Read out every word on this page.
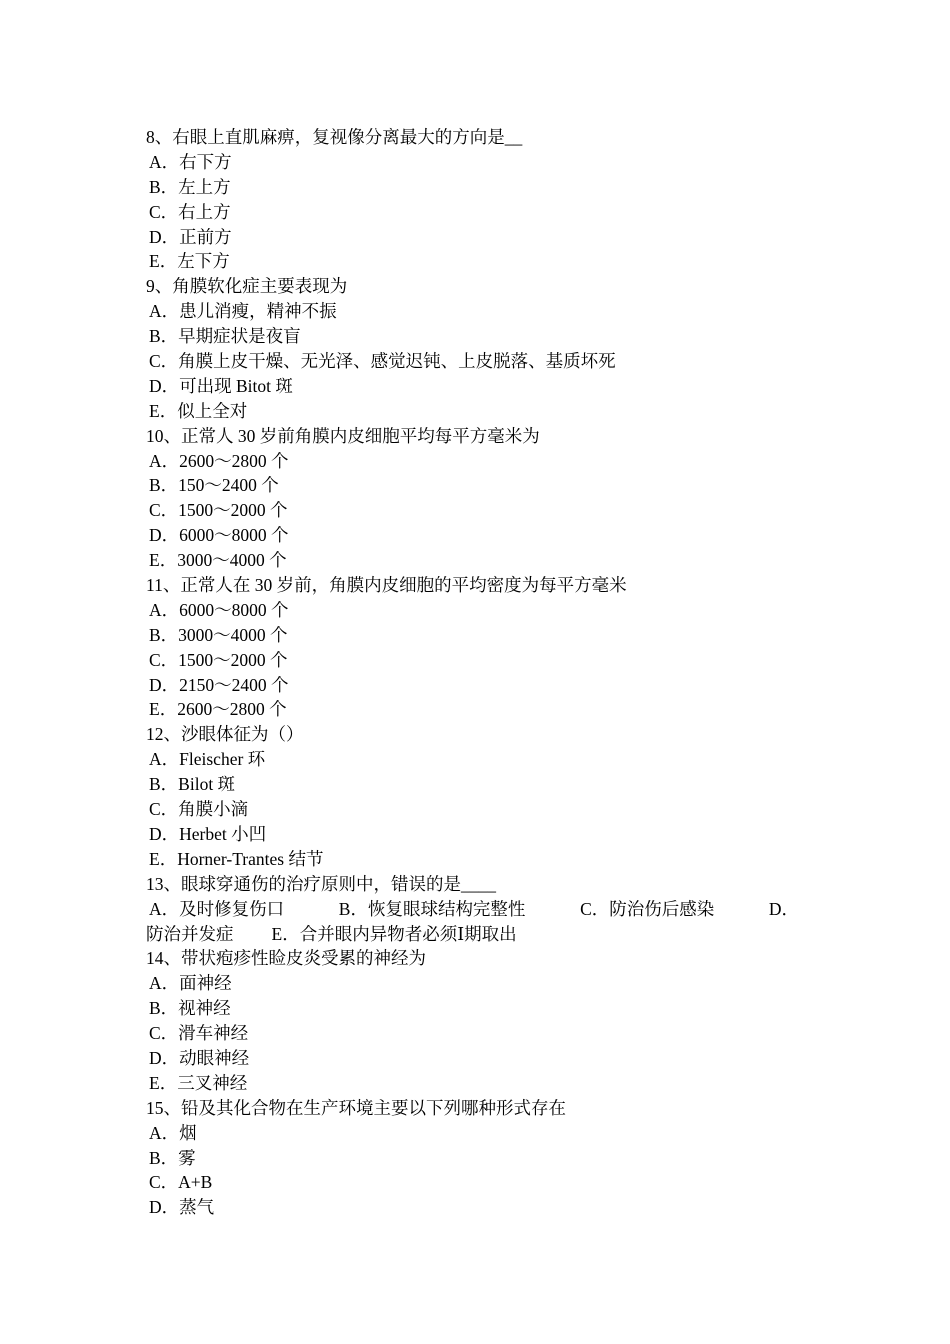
8、右眼上直肌麻痹，复视像分离最大的方向是__
A．右下方
B．左上方
C．右上方
D．正前方
E．左下方
9、角膜软化症主要表现为
A．患儿消瘦，精神不振
B．早期症状是夜盲
C．角膜上皮干燥、无光泽、感觉迟钝、上皮脱落、基质坏死
D．可出现 Bitot 斑
E．似上全对
10、正常人 30 岁前角膜内皮细胞平均每平方毫米为
A．2600～2800 个
B．150～2400 个
C．1500～2000 个
D．6000～8000 个
E．3000～4000 个
11、正常人在 30 岁前，角膜内皮细胞的平均密度为每平方毫米
A．6000～8000 个
B．3000～4000 个
C．1500～2000 个
D．2150～2400 个
E．2600～2800 个
12、沙眼体征为（）
A．Fleischer 环
B．Bilot 斑
C．角膜小滴
D．Herbet 小凹
E．Horner-Trantes 结节
13、眼球穿通伤的治疗原则中，错误的是____
A．及时修复伤口	B．恢复眼球结构完整性	C．防治伤后感染	D．
防治并发症 E．合并眼内异物者必须Ⅰ期取出
14、带状疱疹性睑皮炎受累的神经为
A．面神经
B．视神经
C．滑车神经
D．动眼神经
E．三叉神经
15、铅及其化合物在生产环境主要以下列哪种形式存在
A．烟
B．雾
C．A+B
D．蒸气
